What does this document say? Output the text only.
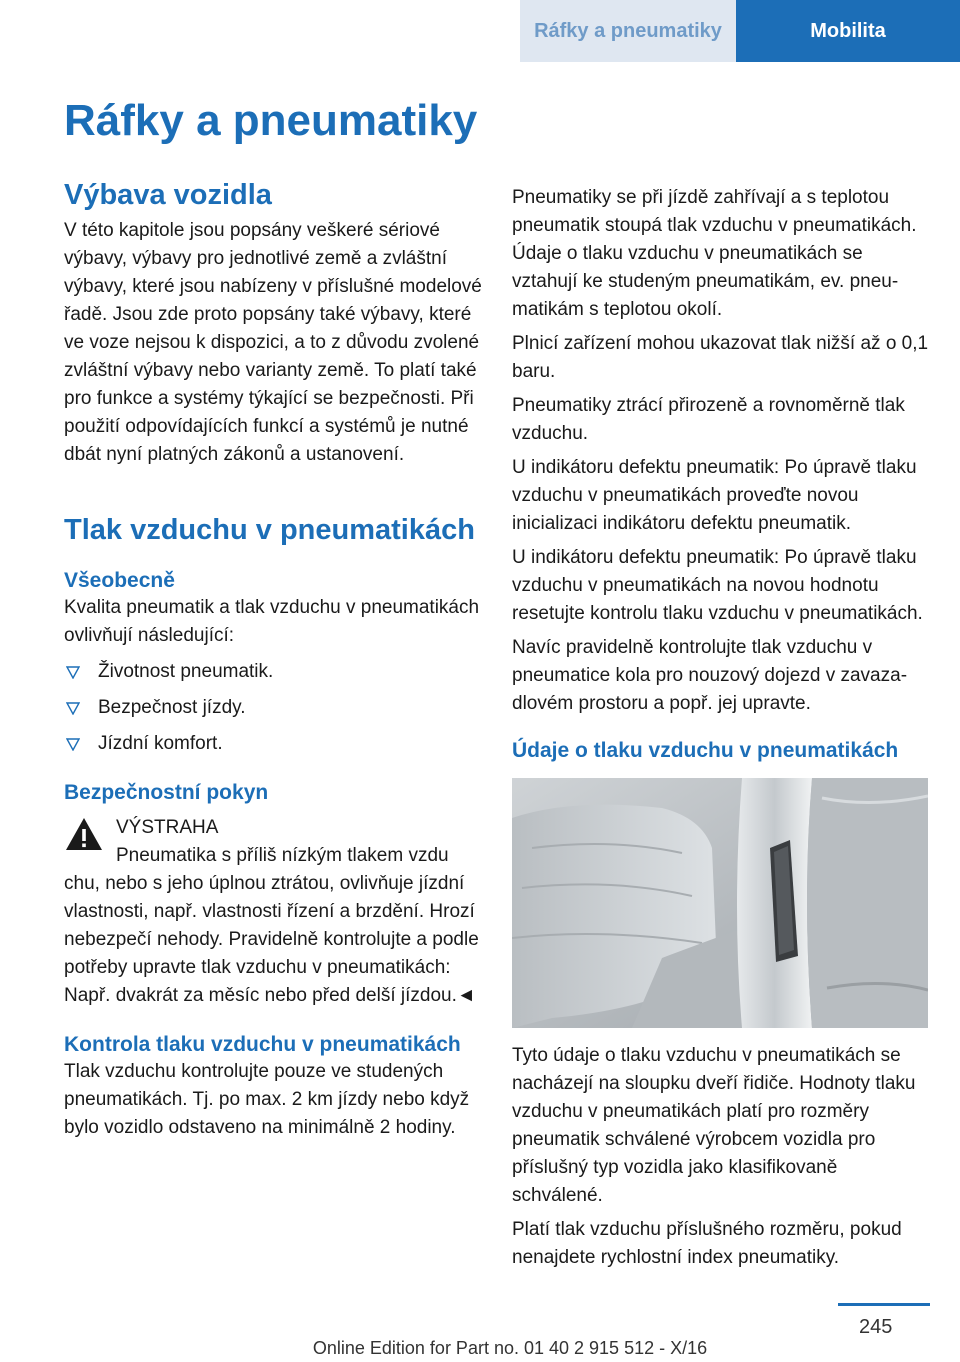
Ráfky a pneumatiky	Mobilita
Ráfky a pneumatiky
Výbava vozidla

V této kapitole jsou popsány veškeré sériové výbavy, výbavy pro jednotlivé země a zvláštní výbavy, které jsou nabízeny v příslušné modelové řadě. Jsou zde proto popsány také výbavy, které ve voze nejsou k dispozici, a to z důvodu zvolené zvláštní výbavy nebo varianty země. To platí také pro funkce a systémy týkající se bezpečnosti. Při použití odpovídajících funkcí a systémů je nutné dbát nyní platných zákonů a ustanovení.

Tlak vzduchu v pneumatikách
Všeobecně

Kvalita pneumatik a tlak vzduchu v pneumatikách ovlivňují následující:

Životnost pneumatik.
Bezpečnost jízdy.
Jízdní komfort.
Bezpečnostní pokyn

VÝSTRAHA

Pneumatika s příliš nízkým tlakem vzdu

chu, nebo s jeho úplnou ztrátou, ovlivňuje jízdní vlastnosti, např. vlastnosti řízení a brzdění. Hrozí nebezpečí nehody. Pravidelně kontrolujte a podle potřeby upravte tlak vzduchu v pneumatikách: Např. dvakrát za měsíc nebo před delší jízdou.◄

Kontrola tlaku vzduchu v pneumatikách

Tlak vzduchu kontrolujte pouze ve studených pneumatikách. Tj. po max. 2 km jízdy nebo když bylo vozidlo odstaveno na minimálně 2 hodiny.

Pneumatiky se při jízdě zahřívají a s teplotou pneumatik stoupá tlak vzduchu v pneumatikách. Údaje o tlaku vzduchu v pneumatikách se vztahují ke studeným pneumatikám, ev. pneumatikám s teplotou okolí.

Plnicí zařízení mohou ukazovat tlak nižší až o 0,1 baru.

Pneumatiky ztrácí přirozeně a rovnoměrně tlak vzduchu.

U indikátoru defektu pneumatik: Po úpravě tlaku vzduchu v pneumatikách proveďte novou inicializaci indikátoru defektu pneumatik.

U indikátoru defektu pneumatik: Po úpravě tlaku vzduchu v pneumatikách na novou hodnotu resetujte kontrolu tlaku vzduchu v pneumatikách.

Navíc pravidelně kontrolujte tlak vzduchu v pneumatice kola pro nouzový dojezd v zavazadlovém prostoru a popř. jej upravte.

Údaje o tlaku vzduchu v pneumatikách

Tyto údaje o tlaku vzduchu v pneumatikách se nacházejí na sloupku dveří řidiče. Hodnoty tlaku vzduchu v pneumatikách platí pro rozměry pneumatik schválené výrobcem vozidla pro příslušný typ vozidla jako klasifikovaně schválené.

Platí tlak vzduchu příslušného rozměru, pokud nenajdete rychlostní index pneumatiky.

245
Online Edition for Part no. 01 40 2 915 512 - X/16
